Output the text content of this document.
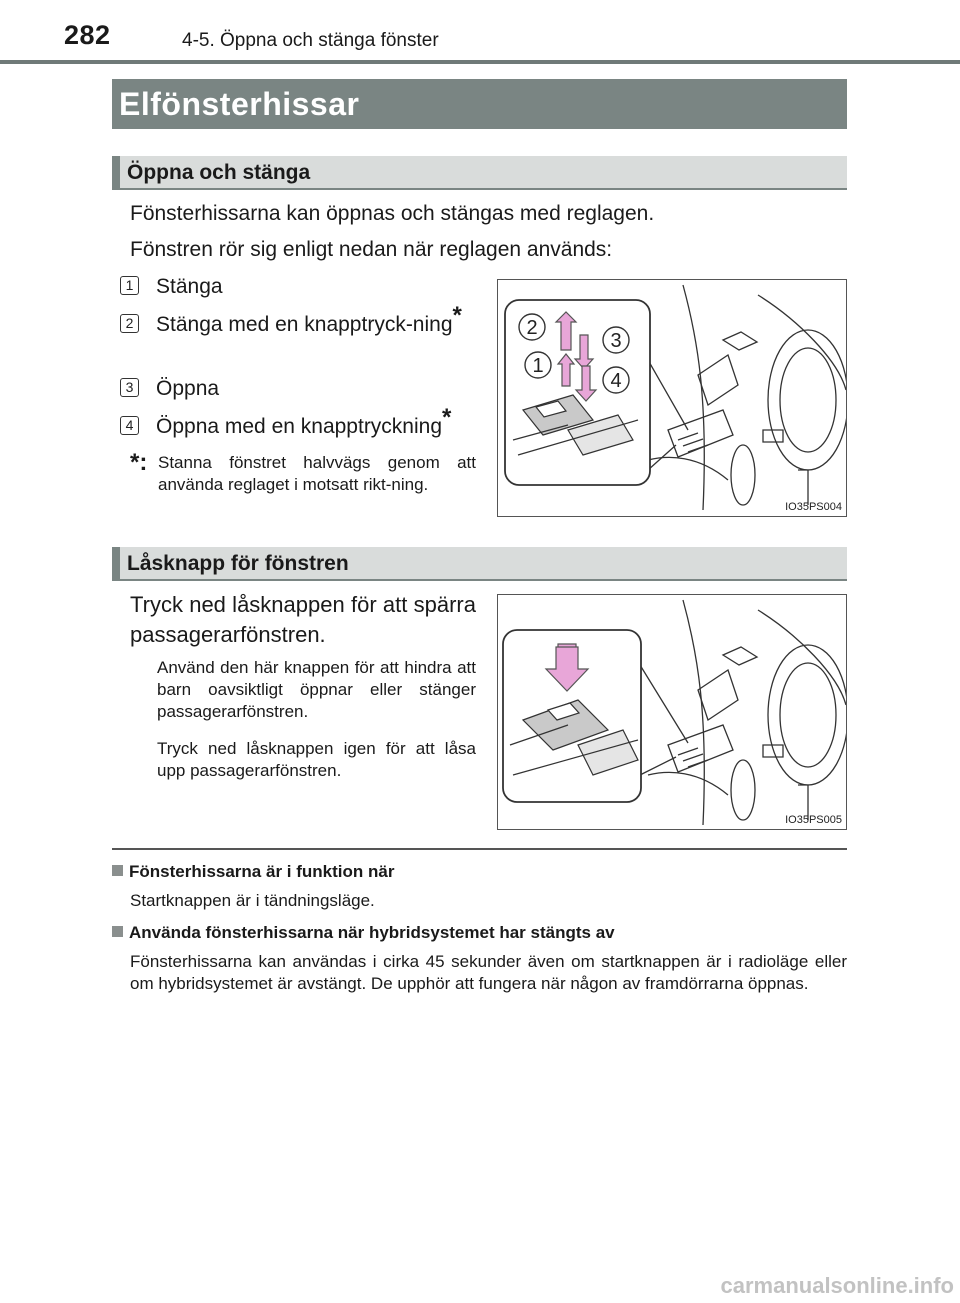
282	4-5. Öppna och stänga fönster
Elfönsterhissar
Öppna och stänga
Fönsterhissarna kan öppnas och stängas med reglagen.
Fönstren rör sig enligt nedan när reglagen används:
1 Stänga
2 Stänga med en knapptryck-ning*
3 Öppna
4 Öppna med en knapptryckning*
*: Stanna fönstret halvvägs genom att använda reglaget i motsatt rikt-ning.
2
3
1
4
IO35PS004
Låsknapp för fönstren
Tryck ned låsknappen för att spärra passagerarfönstren.
Använd den här knappen för att hindra att barn oavsiktligt öppnar eller stänger passagerarfönstren.
Tryck ned låsknappen igen för att låsa upp passagerarfönstren.
IO35PS005
Fönsterhissarna är i funktion när
Startknappen är i tändningsläge.
Använda fönsterhissarna när hybridsystemet har stängts av
Fönsterhissarna kan användas i cirka 45 sekunder även om startknappen är i radioläge eller om hybridsystemet är avstängt. De upphör att fungera när någon av framdörrarna öppnas.
carmanualsonline.info
